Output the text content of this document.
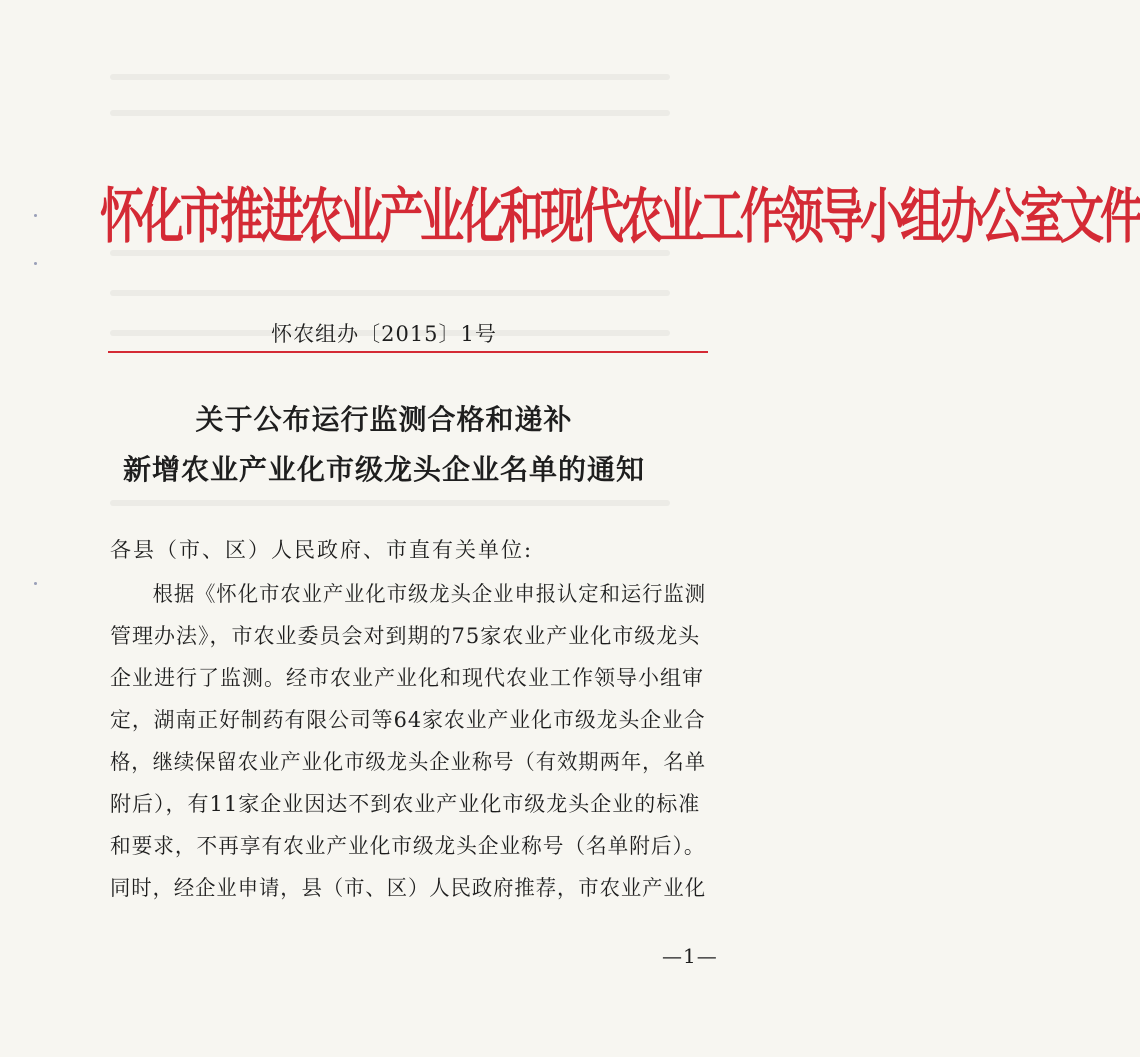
怀化市推进农业产业化和现代农业工作领导小组办公室文件
怀农组办〔2015〕1号
关于公布运行监测合格和递补
新增农业产业化市级龙头企业名单的通知
各县（市、区）人民政府、市直有关单位:
　　根据《怀化市农业产业化市级龙头企业申报认定和运行监测
管理办法》，市农业委员会对到期的75家农业产业化市级龙头
企业进行了监测。经市农业产业化和现代农业工作领导小组审
定，湖南正好制药有限公司等64家农业产业化市级龙头企业合
格，继续保留农业产业化市级龙头企业称号（有效期两年，名单
附后），有11家企业因达不到农业产业化市级龙头企业的标准
和要求，不再享有农业产业化市级龙头企业称号（名单附后）。
同时，经企业申请，县（市、区）人民政府推荐，市农业产业化
—1—
